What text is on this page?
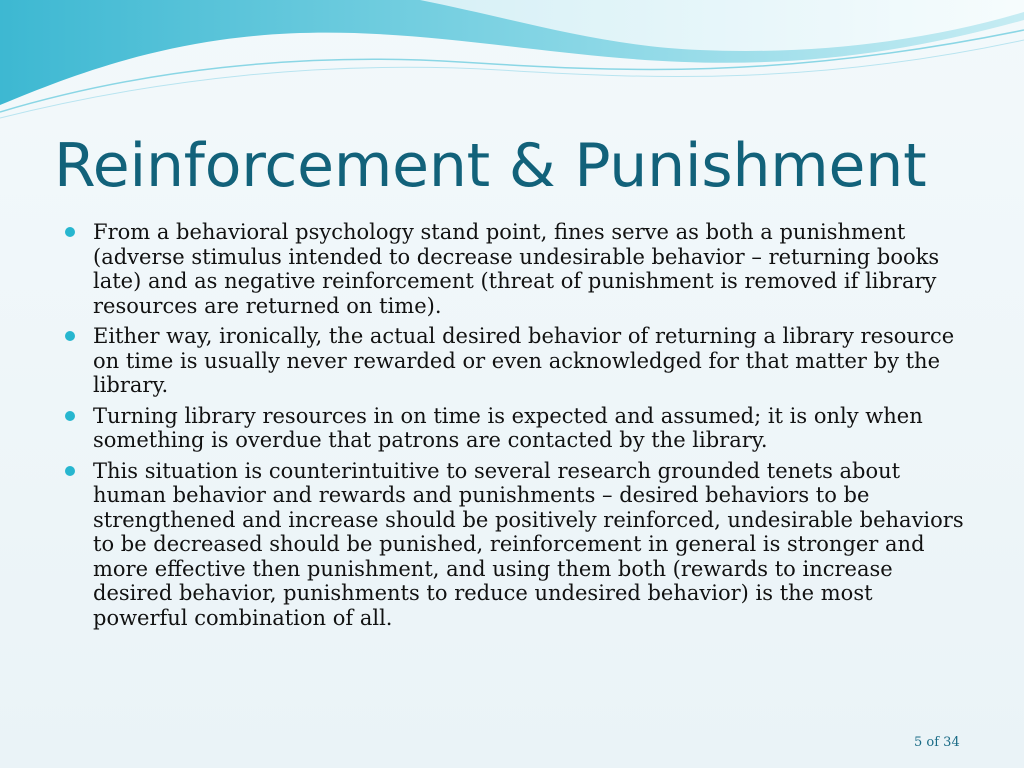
Reinforcement & Punishment
From a behavioral psychology stand point, fines serve as both a punishment (adverse stimulus intended to decrease undesirable behavior – returning books late) and as negative reinforcement (threat of punishment is removed if library resources are returned on time).
Either way, ironically, the actual desired behavior of returning a library resource on time is usually never rewarded or even acknowledged for that matter by the library.
Turning library resources in on time is expected and assumed; it is only when something is overdue that patrons are contacted by the library.
This situation is counterintuitive to several research grounded tenets about human behavior and rewards and punishments – desired behaviors to be strengthened and increase should be positively reinforced, undesirable behaviors to be decreased should be punished, reinforcement in general is stronger and more effective then punishment, and using them both (rewards to increase desired behavior, punishments to reduce undesired behavior) is the most powerful combination of all.
5 of 34
